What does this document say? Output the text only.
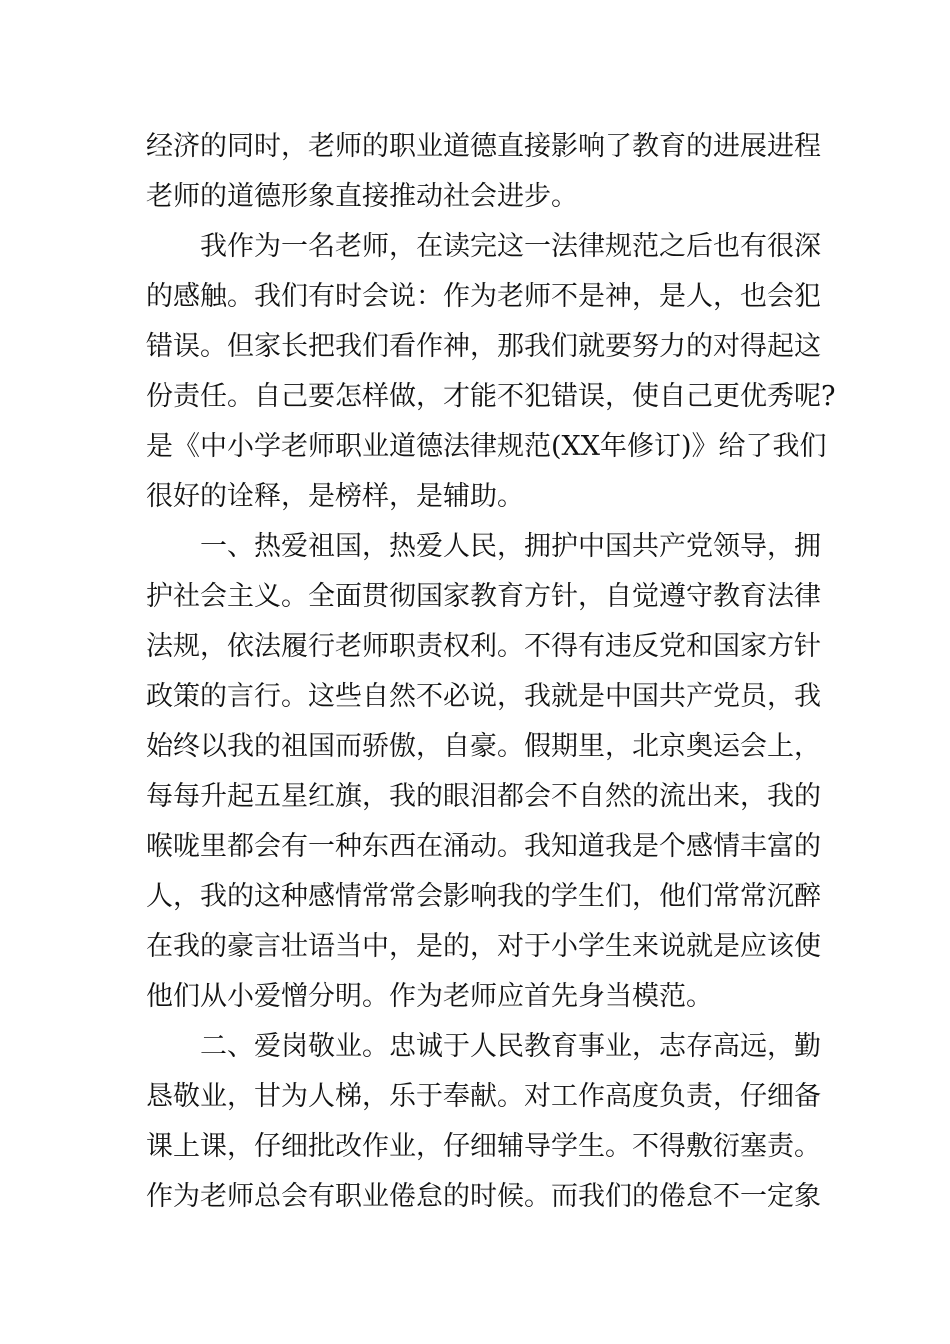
经济的同时，老师的职业道德直接影响了教育的进展进程
老师的道德形象直接推动社会进步。
我作为一名老师，在读完这一法律规范之后也有很深
的感触。我们有时会说：作为老师不是神，是人，也会犯
错误。但家长把我们看作神，那我们就要努力的对得起这
份责任。自己要怎样做，才能不犯错误，使自己更优秀呢?
是《中小学老师职业道德法律规范(XX年修订)》给了我们
很好的诠释，是榜样，是辅助。
一、热爱祖国，热爱人民，拥护中国共产党领导，拥
护社会主义。全面贯彻国家教育方针，自觉遵守教育法律
法规，依法履行老师职责权利。不得有违反党和国家方针
政策的言行。这些自然不必说，我就是中国共产党员，我
始终以我的祖国而骄傲，自豪。假期里，北京奥运会上，
每每升起五星红旗，我的眼泪都会不自然的流出来，我的
喉咙里都会有一种东西在涌动。我知道我是个感情丰富的
人，我的这种感情常常会影响我的学生们，他们常常沉醉
在我的豪言壮语当中，是的，对于小学生来说就是应该使
他们从小爱憎分明。作为老师应首先身当模范。
二、爱岗敬业。忠诚于人民教育事业，志存高远，勤
恳敬业，甘为人梯，乐于奉献。对工作高度负责，仔细备
课上课，仔细批改作业，仔细辅导学生。不得敷衍塞责。
作为老师总会有职业倦怠的时候。而我们的倦怠不一定象
